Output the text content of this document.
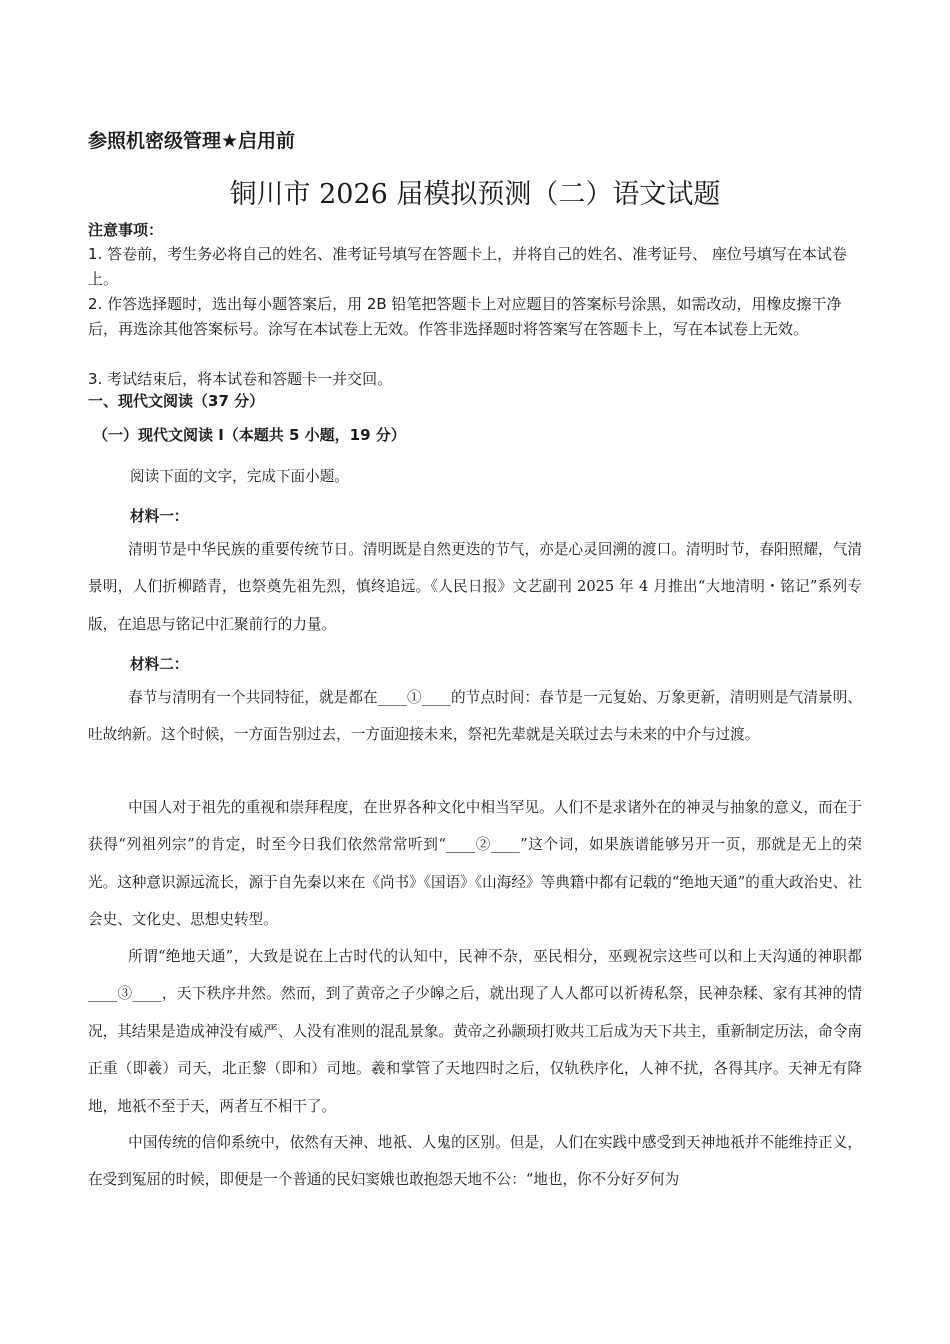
参照机密级管理★启用前
铜川市 2026 届模拟预测（二）语文试题
注意事项：
1. 答卷前，考生务必将自己的姓名、准考证号填写在答题卡上，并将自己的姓名、准考证号、 座位号填写在本试卷上。
2. 作答选择题时，选出每小题答案后，用 2B 铅笔把答题卡上对应题目的答案标号涂黑，如需改动，用橡皮擦干净后，再选涂其他答案标号。涂写在本试卷上无效。作答非选择题时将答案写在答题卡上，写在本试卷上无效。
3. 考试结束后，将本试卷和答题卡一并交回。
一、现代文阅读（37 分）
（一）现代文阅读 Ⅰ（本题共 5 小题，19 分）
阅读下面的文字，完成下面小题。
材料一：
清明节是中华民族的重要传统节日。清明既是自然更迭的节气，亦是心灵回溯的渡口。清明时节，春阳照耀，气清景明，人们折柳踏青，也祭奠先祖先烈，慎终追远。《人民日报》文艺副刊 2025 年 4 月推出“大地清明・铭记”系列专版，在追思与铭记中汇聚前行的力量。
材料二：
春节与清明有一个共同特征，就是都在____①____的节点时间：春节是一元复始、万象更新，清明则是气清景明、吐故纳新。这个时候，一方面告别过去，一方面迎接未来，祭祀先辈就是关联过去与未来的中介与过渡。
中国人对于祖先的重视和崇拜程度，在世界各种文化中相当罕见。人们不是求诸外在的神灵与抽象的意义，而在于获得“列祖列宗”的肯定，时至今日我们依然常常听到“____②____”这个词，如果族谱能够另开一页，那就是无上的荣光。这种意识源远流长，源于自先秦以来在《尚书》《国语》《山海经》等典籍中都有记载的“绝地天通”的重大政治史、社会史、文化史、思想史转型。
所谓“绝地天通”，大致是说在上古时代的认知中，民神不杂，巫民相分，巫觋祝宗这些可以和上天沟通的神职都____③____，天下秩序井然。然而，到了黄帝之子少皞之后，就出现了人人都可以祈祷私祭，民神杂糅、家有其神的情况，其结果是造成神没有威严、人没有准则的混乱景象。黄帝之孙颛顼打败共工后成为天下共主，重新制定历法，命令南正重（即羲）司天，北正黎（即和）司地。羲和掌管了天地四时之后，仅轨秩序化，人神不扰，各得其序。天神无有降地，地祇不至于天，两者互不相干了。
中国传统的信仰系统中，依然有天神、地祇、人鬼的区别。但是，人们在实践中感受到天神地祇并不能维持正义，在受到冤屈的时候，即便是一个普通的民妇窦娥也敢抱怨天地不公：“地也，你不分好歹何为
